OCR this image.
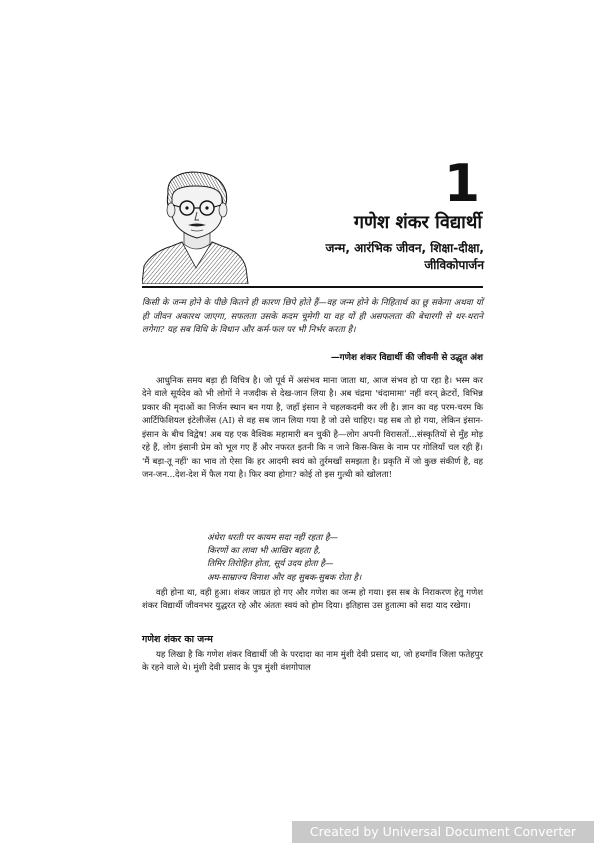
1
गणेश शंकर विद्यार्थी
जन्म, आरंभिक जीवन, शिक्षा-दीक्षा,
जीविकोपार्जन
किसी के जन्म होने के पीछे कितने ही कारण छिपे होते हैं—वह जन्म होने के निहितार्थ का छू सकेगा अथवा यों ही जीवन अकारथ जाएगा, सफलता उसके कदम चूमेगी या वह यों ही असफलता की बेचारगी से थर-थराने लगेगा? यह सब विधि के विधान और कर्म-फल पर भी निर्भर करता है।
—गणेश शंकर विद्यार्थी की जीवनी से उद्धृत अंश

आधुनिक समय बड़ा ही विचित्र है। जो पूर्व में असंभव माना जाता था, आज संभव हो पा रहा है। भस्म कर देने वाले सूर्यदेव को भी लोगों ने नजदीक से देख-जान लिया है। अब चंद्रमा 'चंदामामा' नहीं वरन् क्रेटरों, विभिन्न प्रकार की मृदाओं का निर्जन स्थान बन गया है, जहाँ इंसान ने चहलकदमी कर ली है। ज्ञान का वह परम-चरम कि आर्टिफिशियल इंटेलीजेंस (AI) से वह सब जान लिया गया है जो उसे चाहिए। यह सब तो हो गया, लेकिन इंसान-इंसान के बीच विद्वेष! अब यह एक वैश्विक महामारी बन चुकी है—लोग अपनी विरासतों...संस्कृतियों से मुँह मोड़ रहे हैं, लोग इंसानी प्रेम को भूल गए हैं और नफरत इतनी कि न जाने किस-किस के नाम पर गोलियाँ चल रही हैं। 'मैं बड़ा-तू नहीं' का भाव तो ऐसा कि हर आदमी स्वयं को तुर्रमखाँ समझता है। प्रकृति में जो कुछ संकीर्ण है, वह जन-जन...देश-देश में फैल गया है। फिर क्या होगा? कोई तो इस गुत्थी को खोलता!

अंधेरा धरती पर कायम सदा नहीं रहता है—
किरणों का लावा भी आखिर बहता है,
तिमिर तिरोहित होता, सूर्य उदय होता है—
अघ-साम्राज्य विनाश और वह सुबक-सुबक रोता है।

वही होना था, वही हुआ। शंकर जाग्रत हो गए और गणेश का जन्म हो गया। इस सब के निराकरण हेतु गणेश शंकर विद्यार्थी जीवनभर युद्धरत रहे और अंततः स्वयं को होम दिया। इतिहास उस हुतात्मा को सदा याद रखेगा।

गणेश शंकर का जन्म

यह लिखा है कि गणेश शंकर विद्यार्थी जी के परदादा का नाम मुंशी देवी प्रसाद था, जो हथगाँव जिला फतेहपुर के रहने वाले थे। मुंशी देवी प्रसाद के पुत्र मुंशी वंशगोपाल

Created by Universal Document Converter
